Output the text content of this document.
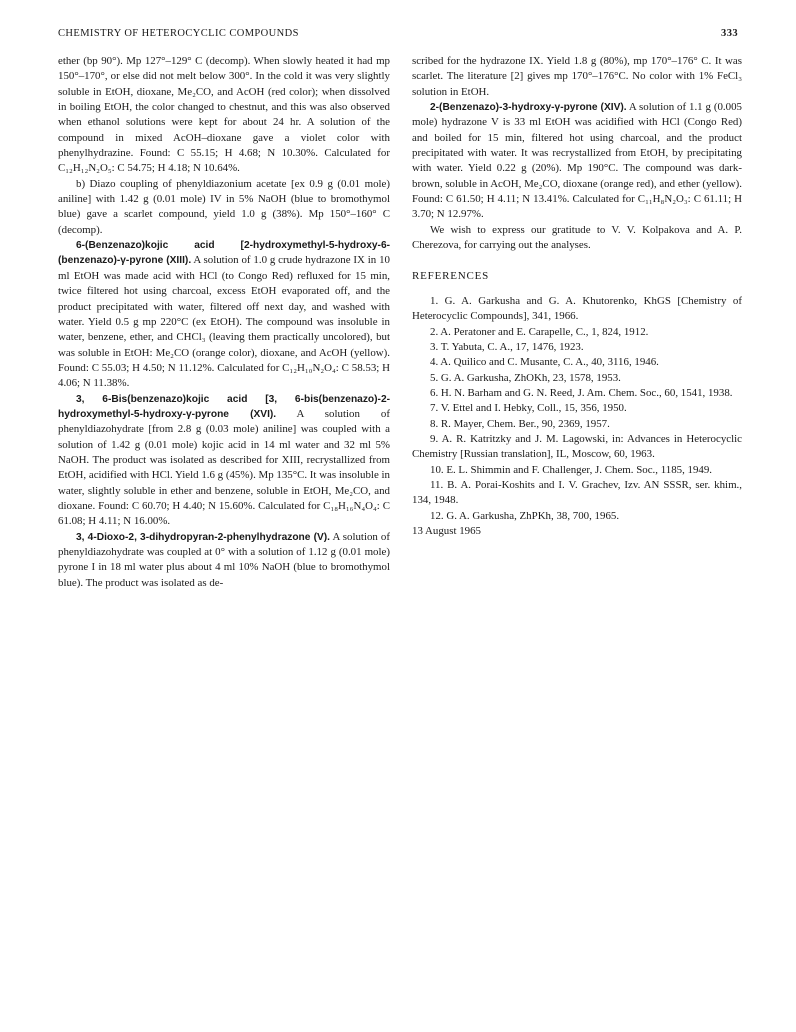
CHEMISTRY OF HETEROCYCLIC COMPOUNDS	333

ether (bp 90°). Mp 127°–129° C (decomp). When slowly heated it had mp 150°–170°, or else did not melt below 300°. In the cold it was very slightly soluble in EtOH, dioxane, Me₂CO, and AcOH (red color); when dissolved in boiling EtOH, the color changed to chestnut, and this was also observed when ethanol solutions were kept for about 24 hr. A solution of the compound in mixed AcOH–dioxane gave a violet color with phenylhydrazine. Found: C 55.15; H 4.68; N 10.30%. Calculated for C₁₂H₁₂N₂O₅: C 54.75; H 4.18; N 10.64%.

b) Diazo coupling of phenyldiazonium acetate [ex 0.9 g (0.01 mole) aniline] with 1.42 g (0.01 mole) IV in 5% NaOH (blue to bromothymol blue) gave a scarlet compound, yield 1.0 g (38%). Mp 150°–160° C (decomp).

6-(Benzenazo)kojic acid [2-hydroxymethyl-5-hydroxy-6-(benzenazo)-γ-pyrone (XIII). A solution of 1.0 g crude hydrazone IX in 10 ml EtOH was made acid with HCl (to Congo Red) refluxed for 15 min, twice filtered hot using charcoal, excess EtOH evaporated off, and the product precipitated with water, filtered off next day, and washed with water. Yield 0.5 g mp 220°C (ex EtOH). The compound was insoluble in water, benzene, ether, and CHCl₃ (leaving them practically uncolored), but was soluble in EtOH: Me₂CO (orange color), dioxane, and AcOH (yellow). Found: C 55.03; H 4.50; N 11.12%. Calculated for C₁₂H₁₀N₂O₄: C 58.53; H 4.06; N 11.38%.

3, 6-Bis(benzenazo)kojic acid [3, 6-bis(benzenazo)-2-hydroxymethyl-5-hydroxy-γ-pyrone (XVI). A solution of phenyldiazohydrate [from 2.8 g (0.03 mole) aniline] was coupled with a solution of 1.42 g (0.01 mole) kojic acid in 14 ml water and 32 ml 5% NaOH. The product was isolated as described for XIII, recrystallized from EtOH, acidified with HCl. Yield 1.6 g (45%). Mp 135°C. It was insoluble in water, slightly soluble in ether and benzene, soluble in EtOH, Me₂CO, and dioxane. Found: C 60.70; H 4.40; N 15.60%. Calculated for C₁₈H₁₆N₄O₄: C 61.08; H 4.11; N 16.00%.

3, 4-Dioxo-2, 3-dihydropyran-2-phenylhydrazone (V). A solution of phenyldiazohydrate was coupled at 0° with a solution of 1.12 g (0.01 mole) pyrone I in 18 ml water plus about 4 ml 10% NaOH (blue to bromothymol blue). The product was isolated as de-

scribed for the hydrazone IX. Yield 1.8 g (80%), mp 170°–176° C. It was scarlet. The literature [2] gives mp 170°–176°C. No color with 1% FeCl₃ solution in EtOH.

2-(Benzenazo)-3-hydroxy-γ-pyrone (XIV). A solution of 1.1 g (0.005 mole) hydrazone V is 33 ml EtOH was acidified with HCl (Congo Red) and boiled for 15 min, filtered hot using charcoal, and the product precipitated with water. It was recrystallized from EtOH, by precipitating with water. Yield 0.22 g (20%). Mp 190°C. The compound was dark-brown, soluble in AcOH, Me₂CO, dioxane (orange red), and ether (yellow). Found: C 61.50; H 4.11; N 13.41%. Calculated for C₁₁H₈N₂O₃: C 61.11; H 3.70; N 12.97%.

We wish to express our gratitude to V. V. Kolpakova and A. P. Cherezova, for carrying out the analyses.

REFERENCES

1. G. A. Garkusha and G. A. Khutorenko, KhGS [Chemistry of Heterocyclic Compounds], 341, 1966.

2. A. Peratoner and E. Carapelle, C., 1, 824, 1912.

3. T. Yabuta, C. A., 17, 1476, 1923.

4. A. Quilico and C. Musante, C. A., 40, 3116, 1946.

5. G. A. Garkusha, ZhOKh, 23, 1578, 1953.

6. H. N. Barham and G. N. Reed, J. Am. Chem. Soc., 60, 1541, 1938.

7. V. Ettel and I. Hebky, Coll., 15, 356, 1950.

8. R. Mayer, Chem. Ber., 90, 2369, 1957.

9. A. R. Katritzky and J. M. Lagowski, in: Advances in Heterocyclic Chemistry [Russian translation], IL, Moscow, 60, 1963.

10. E. L. Shimmin and F. Challenger, J. Chem. Soc., 1185, 1949.

11. B. A. Porai-Koshits and I. V. Grachev, Izv. AN SSSR, ser. khim., 134, 1948.

12. G. A. Garkusha, ZhPKh, 38, 700, 1965.

13 August 1965
